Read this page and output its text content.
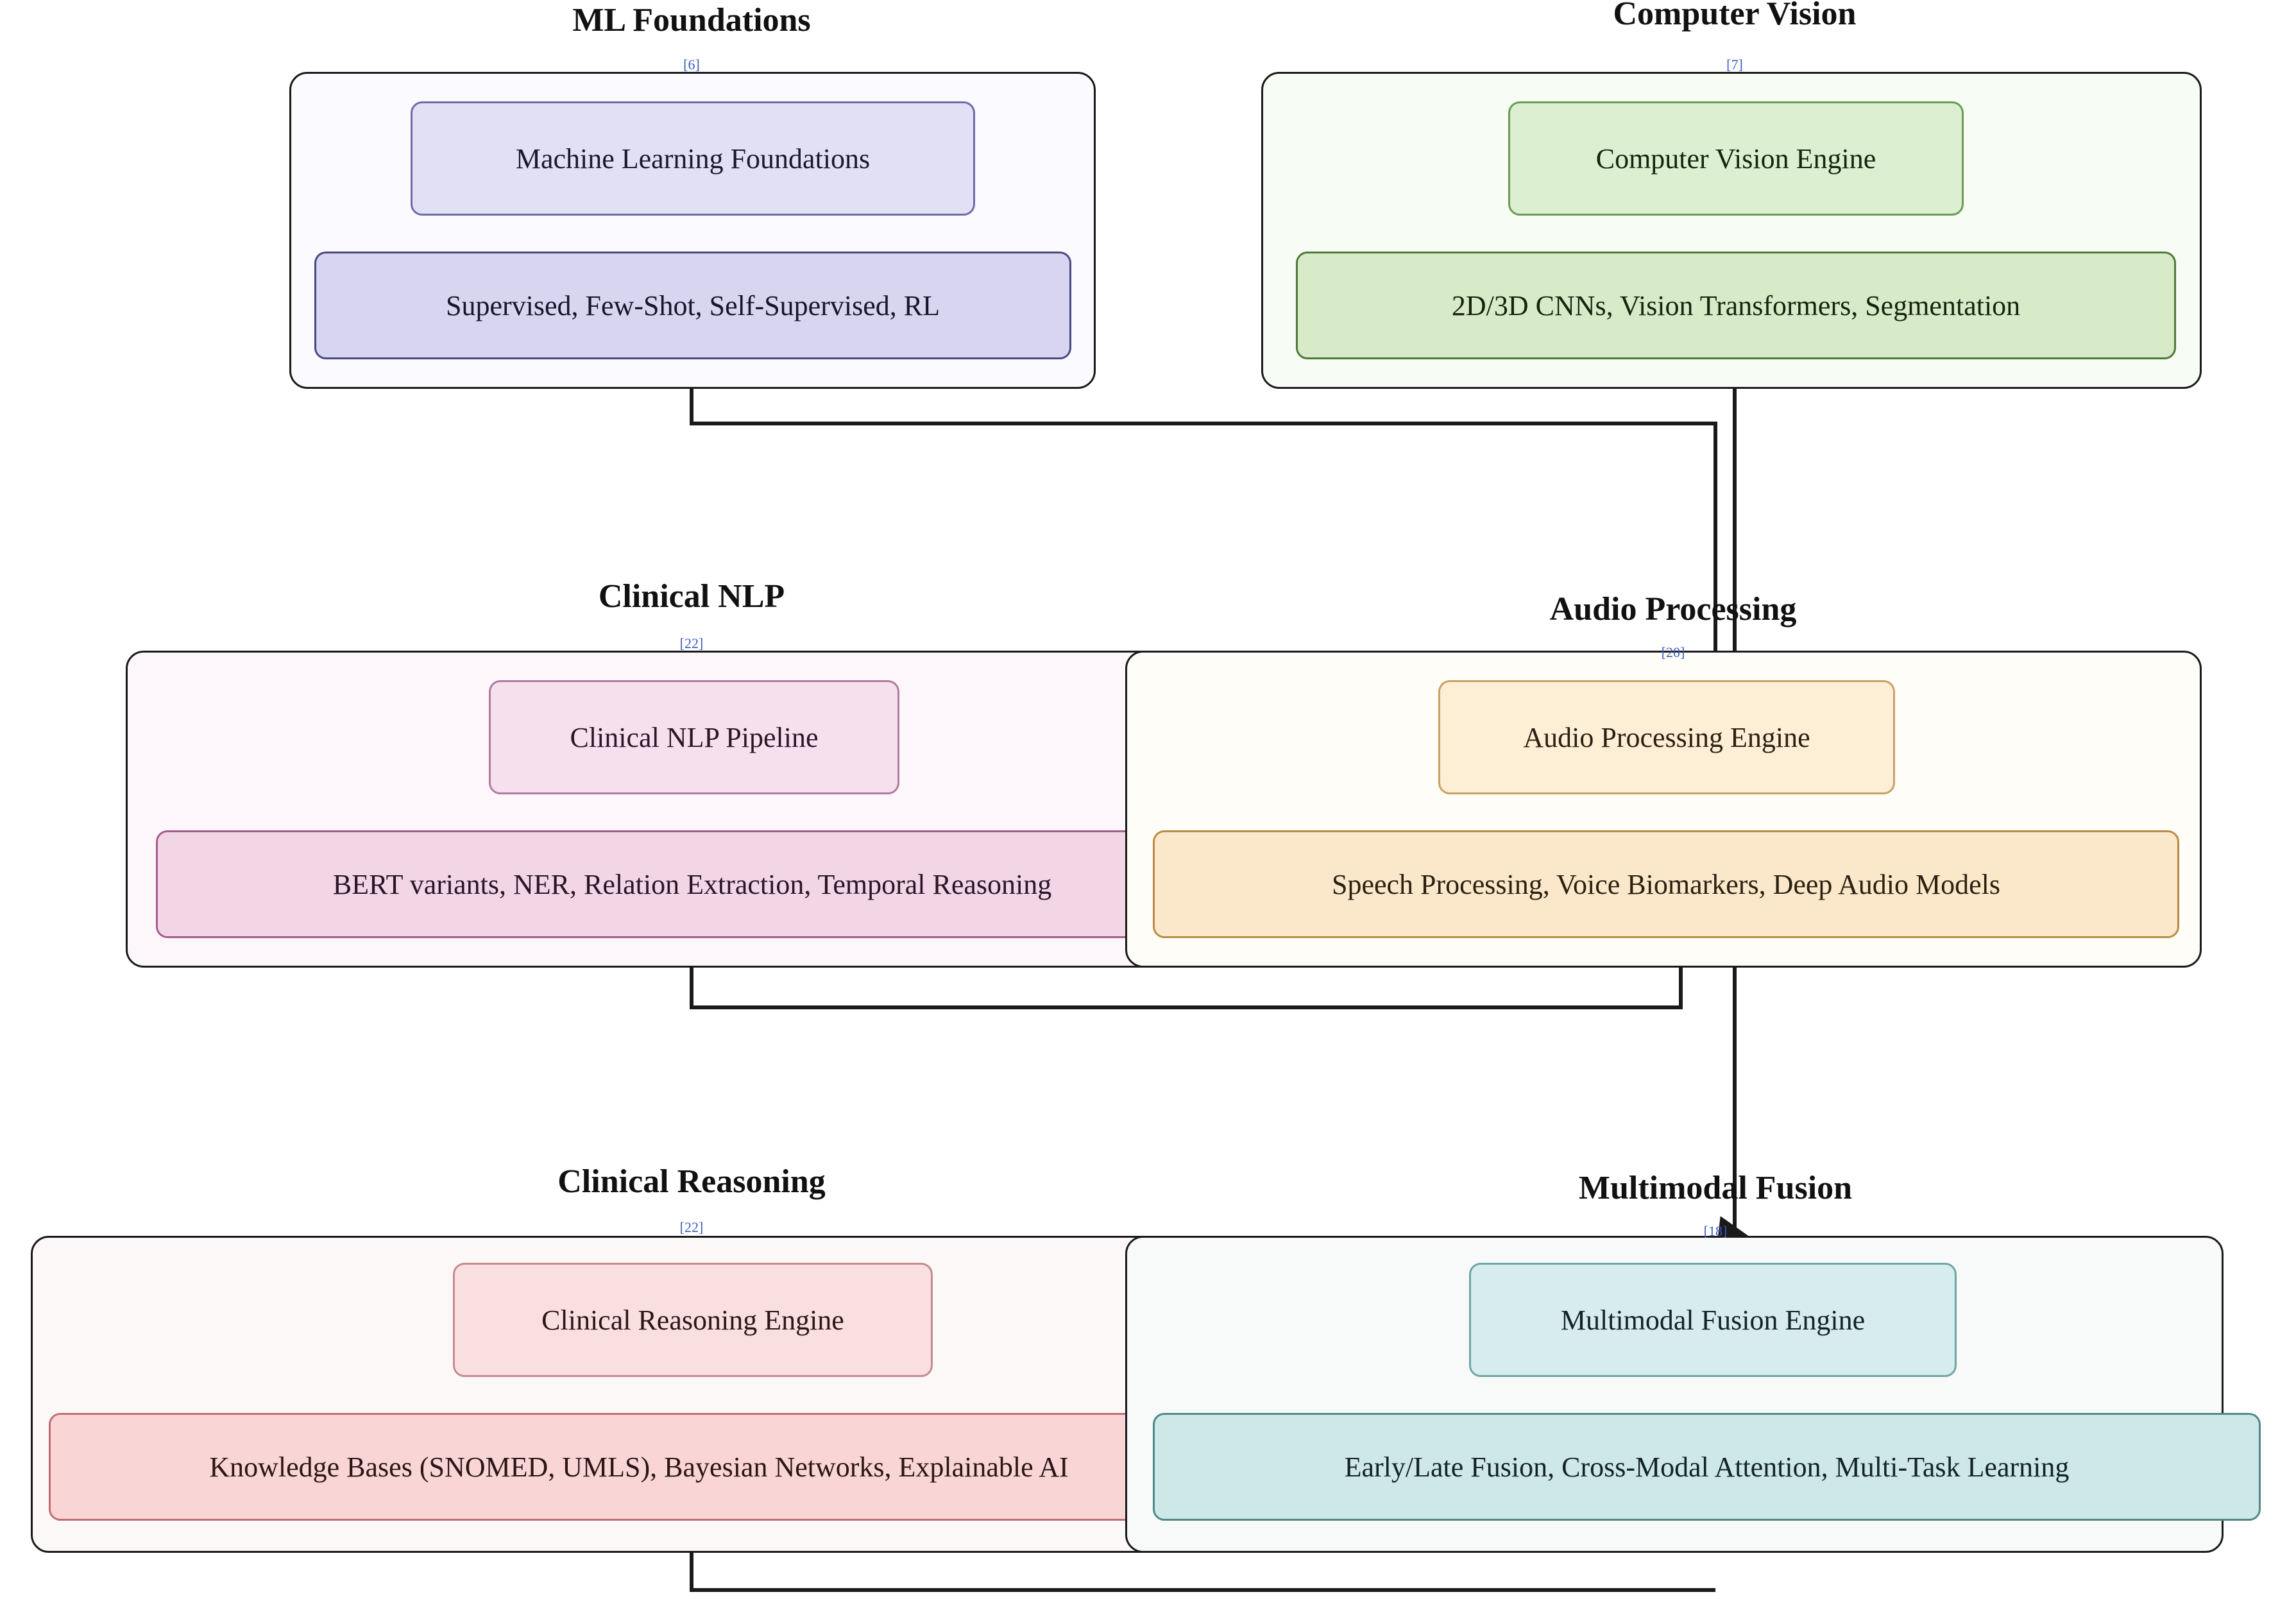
ML Foundations
[6]
Machine Learning Foundations
Supervised, Few-Shot, Self-Supervised, RL
Computer Vision
[7]
Computer Vision Engine
2D/3D CNNs, Vision Transformers, Segmentation
Clinical NLP
[22]
Clinical NLP Pipeline
BERT variants, NER, Relation Extraction, Temporal Reasoning
Audio Processing
[20]
Audio Processing Engine
Speech Processing, Voice Biomarkers, Deep Audio Models
Clinical Reasoning
[22]
Clinical Reasoning Engine
Knowledge Bases (SNOMED, UMLS), Bayesian Networks, Explainable AI
Multimodal Fusion
[18]
Multimodal Fusion Engine
Early/Late Fusion, Cross-Modal Attention, Multi-Task Learning
